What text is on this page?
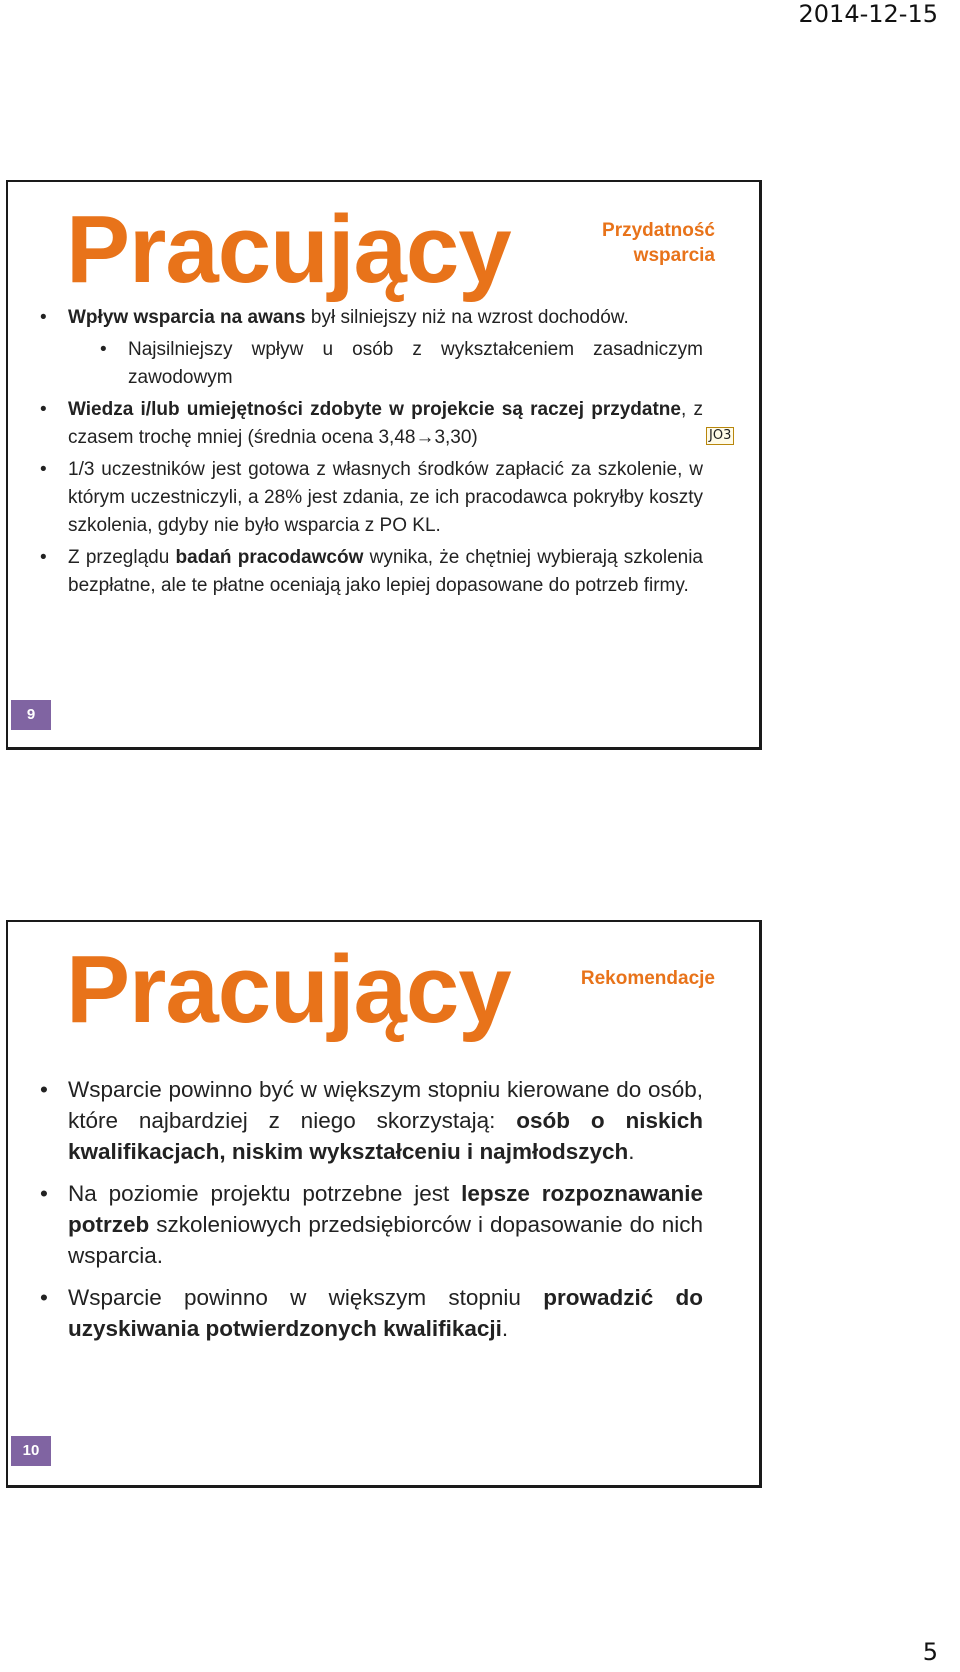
2014-12-15
Pracujący	Przydatność
wsparcia
• Wpływ wsparcia na awans był silniejszy niż na wzrost dochodów.
• Najsilniejszy wpływ u osób z wykształceniem zasadniczym zawodowym
• Wiedza i/lub umiejętności zdobyte w projekcie są raczej przydatne, z czasem trochę mniej (średnia ocena 3,48→3,30)
• 1/3 uczestników jest gotowa z własnych środków zapłacić za szkolenie, w którym uczestniczyli, a 28% jest zdania, ze ich pracodawca pokryłby koszty szkolenia, gdyby nie było wsparcia z PO KL.
• Z przeglądu badań pracodawców wynika, że chętniej wybierają szkolenia bezpłatne, ale te płatne oceniają jako lepiej dopasowane do potrzeb firmy.
9
JO3
Pracujący	Rekomendacje
• Wsparcie powinno być w większym stopniu kierowane do osób, które najbardziej z niego skorzystają: osób o niskich kwalifikacjach, niskim wykształceniu i najmłodszych.
• Na poziomie projektu potrzebne jest lepsze rozpoznawanie potrzeb szkoleniowych przedsiębiorców i dopasowanie do nich wsparcia.
• Wsparcie powinno w większym stopniu prowadzić do uzyskiwania potwierdzonych kwalifikacji.
10
5
